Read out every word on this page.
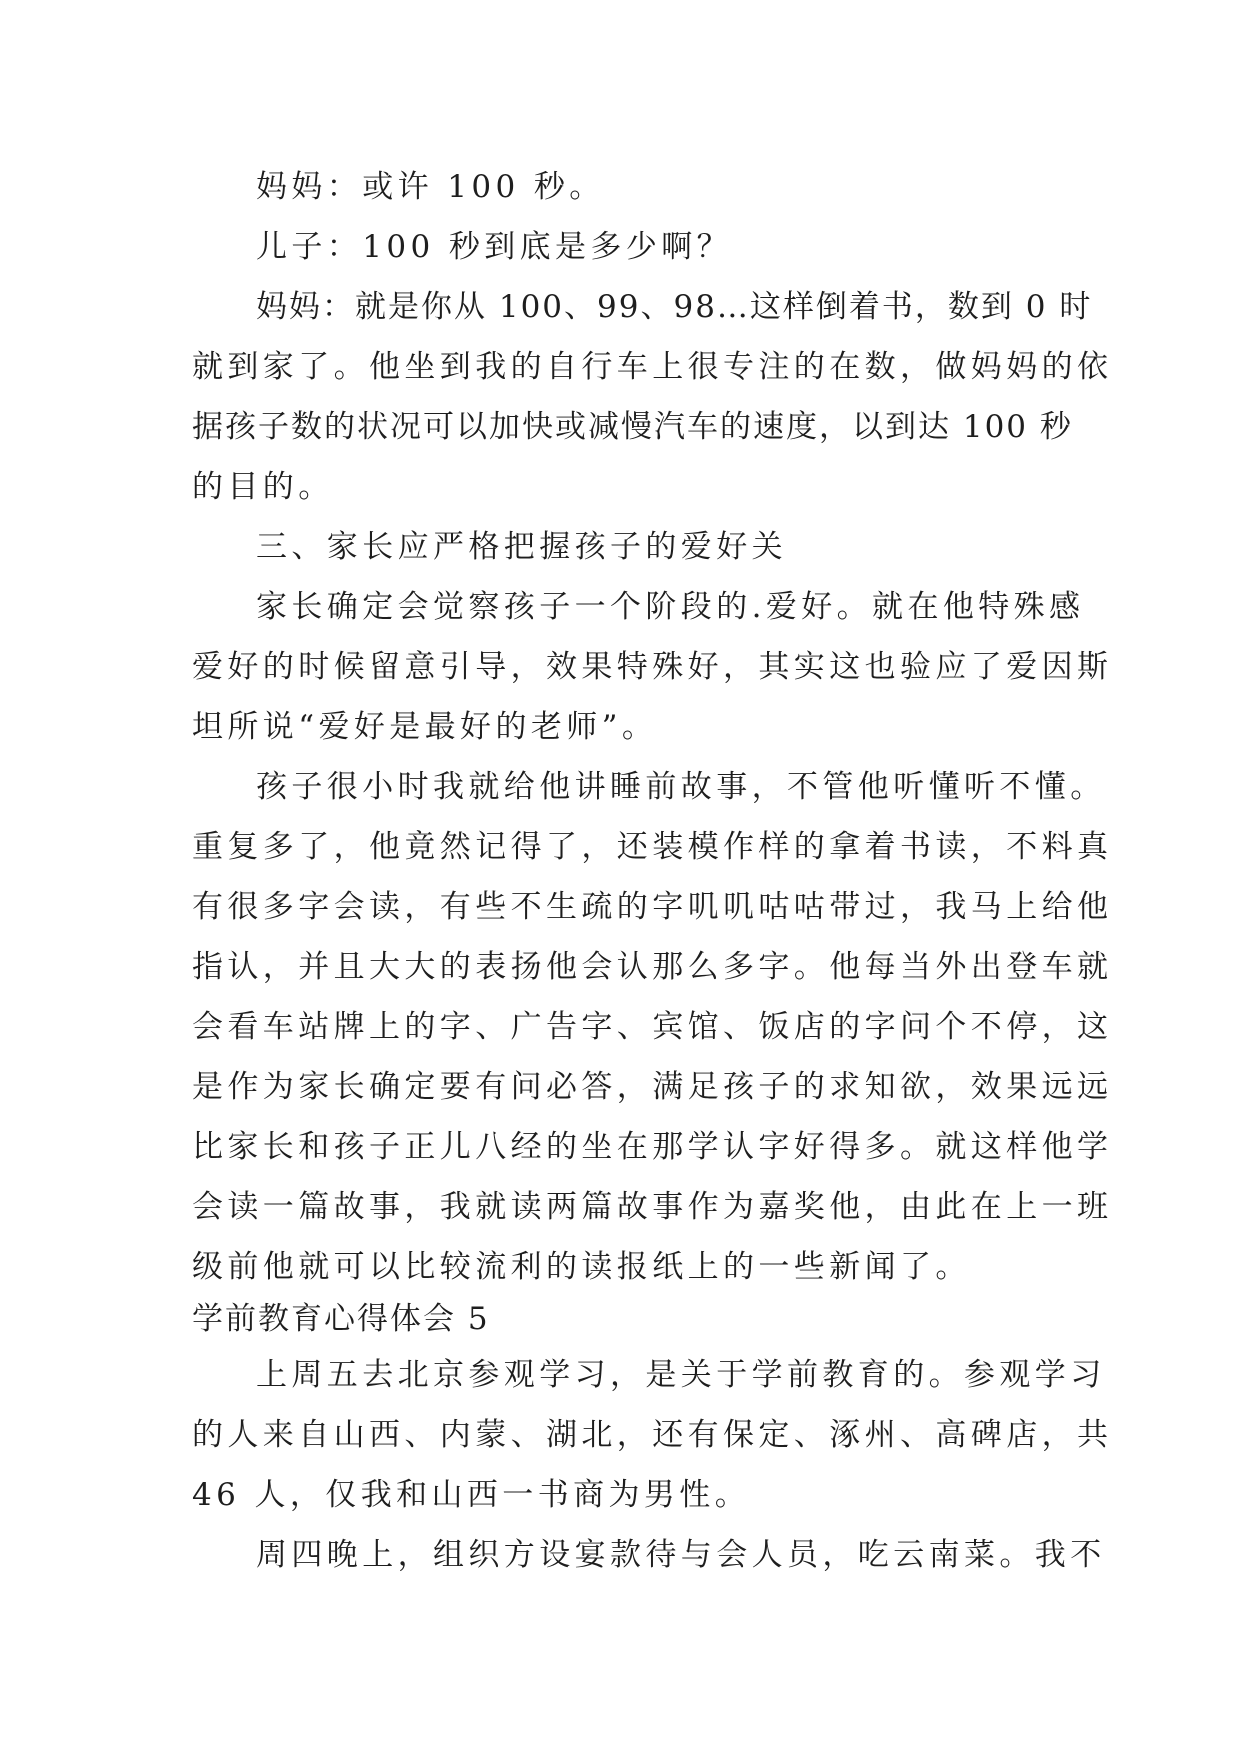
妈妈：或许 100 秒。
儿子：100 秒到底是多少啊？
妈妈：就是你从 100、99、98…这样倒着书，数到 0 时
就到家了。他坐到我的自行车上很专注的在数，做妈妈的依
据孩子数的状况可以加快或减慢汽车的速度，以到达 100 秒
的目的。
三、家长应严格把握孩子的爱好关
家长确定会觉察孩子一个阶段的.爱好。就在他特殊感
爱好的时候留意引导，效果特殊好，其实这也验应了爱因斯
坦所说“爱好是最好的老师”。
孩子很小时我就给他讲睡前故事，不管他听懂听不懂。
重复多了，他竟然记得了，还装模作样的拿着书读，不料真
有很多字会读，有些不生疏的字叽叽咕咕带过，我马上给他
指认，并且大大的表扬他会认那么多字。他每当外出登车就
会看车站牌上的字、广告字、宾馆、饭店的字问个不停，这
是作为家长确定要有问必答，满足孩子的求知欲，效果远远
比家长和孩子正儿八经的坐在那学认字好得多。就这样他学
会读一篇故事，我就读两篇故事作为嘉奖他，由此在上一班
级前他就可以比较流利的读报纸上的一些新闻了。
学前教育心得体会 5
上周五去北京参观学习，是关于学前教育的。参观学习
的人来自山西、内蒙、湖北，还有保定、涿州、高碑店，共
46 人，仅我和山西一书商为男性。
周四晚上，组织方设宴款待与会人员，吃云南菜。我不
